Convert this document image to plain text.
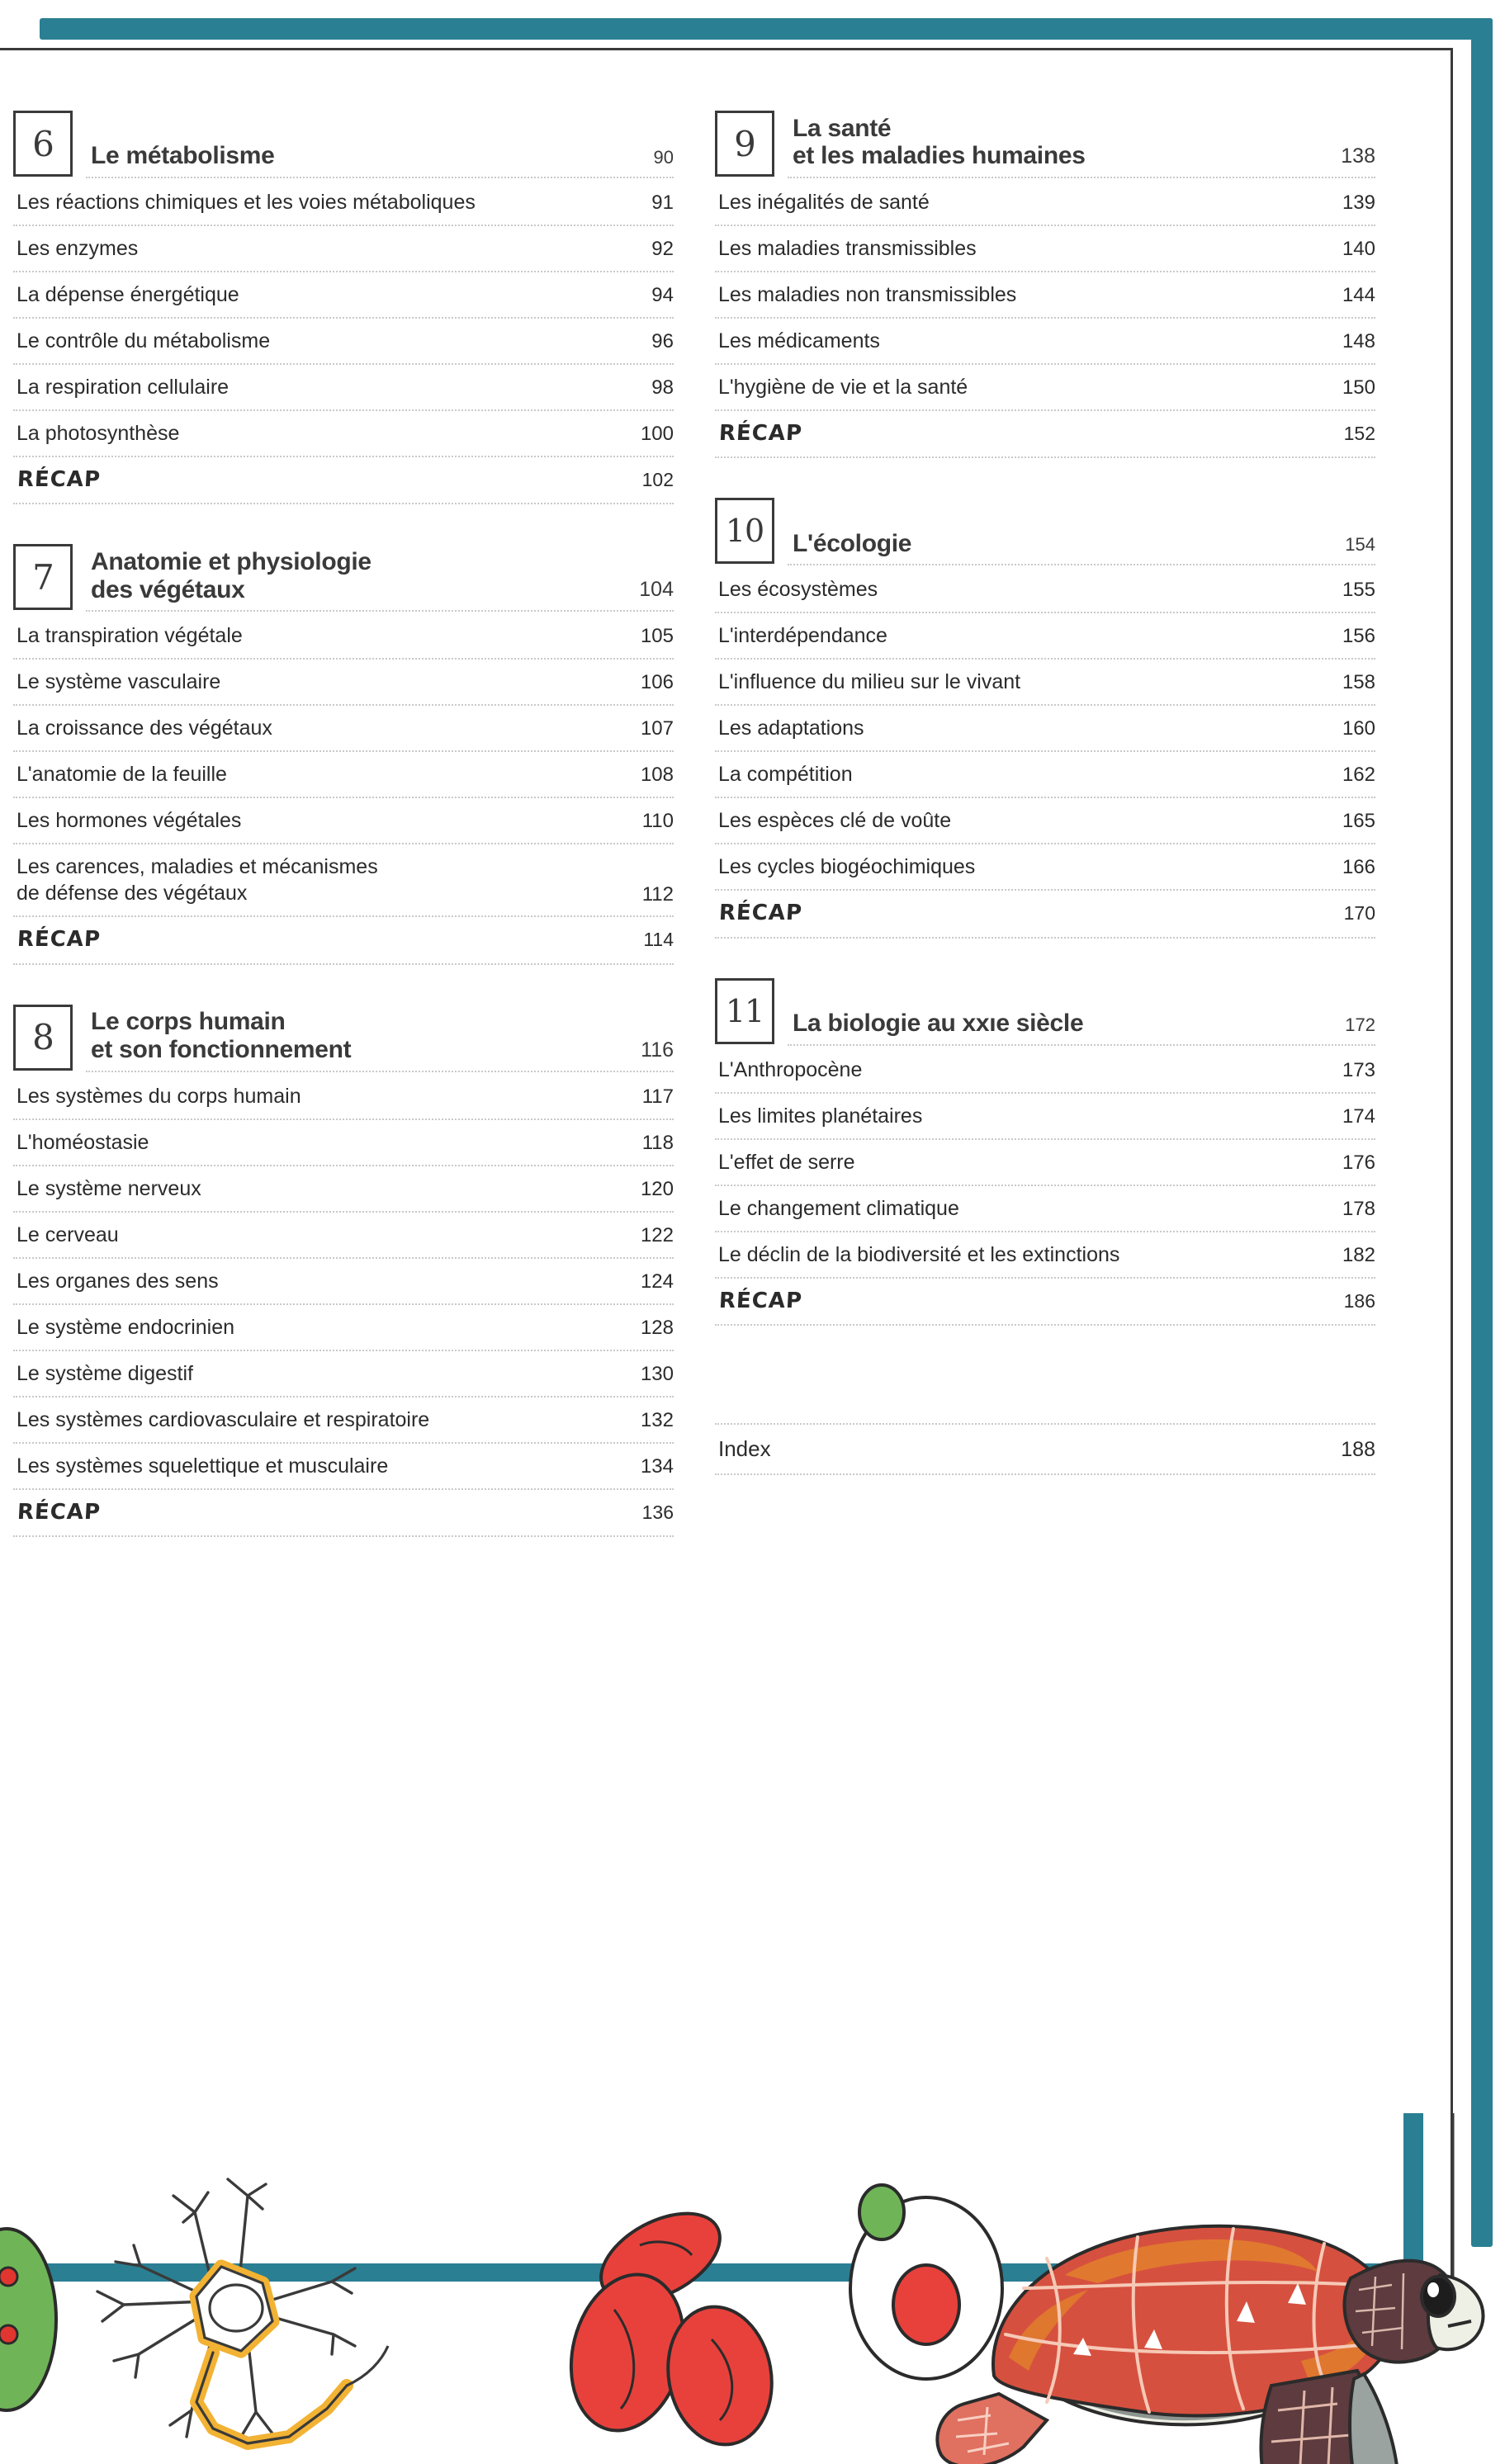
6	Le métabolisme	90
Les réactions chimiques et les voies métaboliques	91
Les enzymes	92
La dépense énergétique	94
Le contrôle du métabolisme	96
La respiration cellulaire	98
La photosynthèse	100
RÉCAP	102
7	Anatomie et physiologie
des végétaux	104
La transpiration végétale	105
Le système vasculaire	106
La croissance des végétaux	107
L'anatomie de la feuille	108
Les hormones végétales	110
Les carences, maladies et mécanismes
de défense des végétaux	112
RÉCAP	114
8	Le corps humain
et son fonctionnement	116
Les systèmes du corps humain	117
L'homéostasie	118
Le système nerveux	120
Le cerveau	122
Les organes des sens	124
Le système endocrinien	128
Le système digestif	130
Les systèmes cardiovasculaire et respiratoire	132
Les systèmes squelettique et musculaire	134
RÉCAP	136
9	La santé
et les maladies humaines	138
Les inégalités de santé	139
Les maladies transmissibles	140
Les maladies non transmissibles	144
Les médicaments	148
L'hygiène de vie et la santé	150
RÉCAP	152
10	L'écologie	154
Les écosystèmes	155
L'interdépendance	156
L'influence du milieu sur le vivant	158
Les adaptations	160
La compétition	162
Les espèces clé de voûte	165
Les cycles biogéochimiques	166
RÉCAP	170
11	La biologie au xxıe siècle	172
L'Anthropocène	173
Les limites planétaires	174
L'effet de serre	176
Le changement climatique	178
Le déclin de la biodiversité et les extinctions	182
RÉCAP	186
Index	188
